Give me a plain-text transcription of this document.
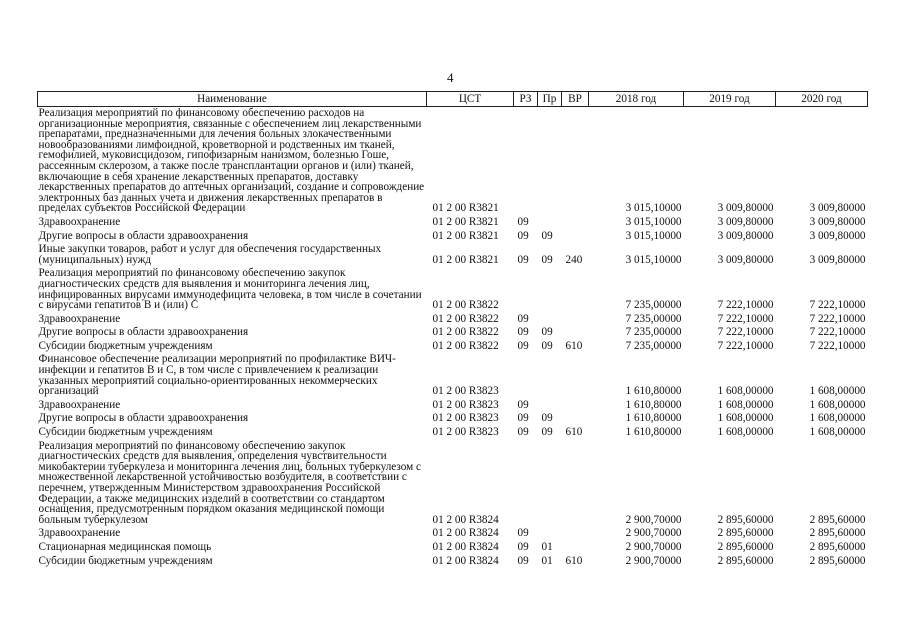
4
Наименование	ЦСТ	РЗ	Пр	ВР	2018 год	2019 год	2020 год
Реализация мероприятий по финансовому обеспечению расходов на организационные мероприятия, связанные с обеспечением лиц лекарственными препаратами, предназначенными для лечения больных злокачественными новообразованиями лимфоидной, кроветворной и родственных им тканей, гемофилией, муковисцидозом, гипофизарным нанизмом, болезнью Гоше, рассеянным склерозом, а также после трансплантации органов и (или) тканей, включающие в себя хранение лекарственных препаратов, доставку лекарственных препаратов до аптечных организаций, создание и сопровождение электронных баз данных учета и движения лекарственных препаратов в пределах субъектов Российской Федерации	01 2 00 R3821				3 015,10000	3 009,80000	3 009,80000
Здравоохранение	01 2 00 R3821	09			3 015,10000	3 009,80000	3 009,80000
Другие вопросы в области здравоохранения	01 2 00 R3821	09	09		3 015,10000	3 009,80000	3 009,80000
Иные закупки товаров, работ и услуг для обеспечения государственных (муниципальных) нужд	01 2 00 R3821	09	09	240	3 015,10000	3 009,80000	3 009,80000
Реализация мероприятий по финансовому обеспечению закупок диагностических средств для выявления и мониторинга лечения лиц, инфицированных вирусами иммунодефицита человека, в том числе в сочетании с вирусами гепатитов В и (или) С	01 2 00 R3822				7 235,00000	7 222,10000	7 222,10000
Здравоохранение	01 2 00 R3822	09			7 235,00000	7 222,10000	7 222,10000
Другие вопросы в области здравоохранения	01 2 00 R3822	09	09		7 235,00000	7 222,10000	7 222,10000
Субсидии бюджетным учреждениям	01 2 00 R3822	09	09	610	7 235,00000	7 222,10000	7 222,10000
Финансовое обеспечение реализации мероприятий по профилактике ВИЧ-инфекции и гепатитов В и С, в том числе с привлечением к реализации указанных мероприятий социально-ориентированных некоммерческих организаций	01 2 00 R3823				1 610,80000	1 608,00000	1 608,00000
Здравоохранение	01 2 00 R3823	09			1 610,80000	1 608,00000	1 608,00000
Другие вопросы в области здравоохранения	01 2 00 R3823	09	09		1 610,80000	1 608,00000	1 608,00000
Субсидии бюджетным учреждениям	01 2 00 R3823	09	09	610	1 610,80000	1 608,00000	1 608,00000
Реализация мероприятий по финансовому обеспечению закупок диагностических средств для выявления, определения чувствительности микобактерии туберкулеза и мониторинга лечения лиц, больных туберкулезом с множественной лекарственной устойчивостью возбудителя, в соответствии с перечнем, утвержденным Министерством здравоохранения Российской Федерации, а также медицинских изделий в соответствии со стандартом оснащения, предусмотренным порядком оказания медицинской помощи больным туберкулезом	01 2 00 R3824				2 900,70000	2 895,60000	2 895,60000
Здравоохранение	01 2 00 R3824	09			2 900,70000	2 895,60000	2 895,60000
Стационарная медицинская помощь	01 2 00 R3824	09	01		2 900,70000	2 895,60000	2 895,60000
Субсидии бюджетным учреждениям	01 2 00 R3824	09	01	610	2 900,70000	2 895,60000	2 895,60000
